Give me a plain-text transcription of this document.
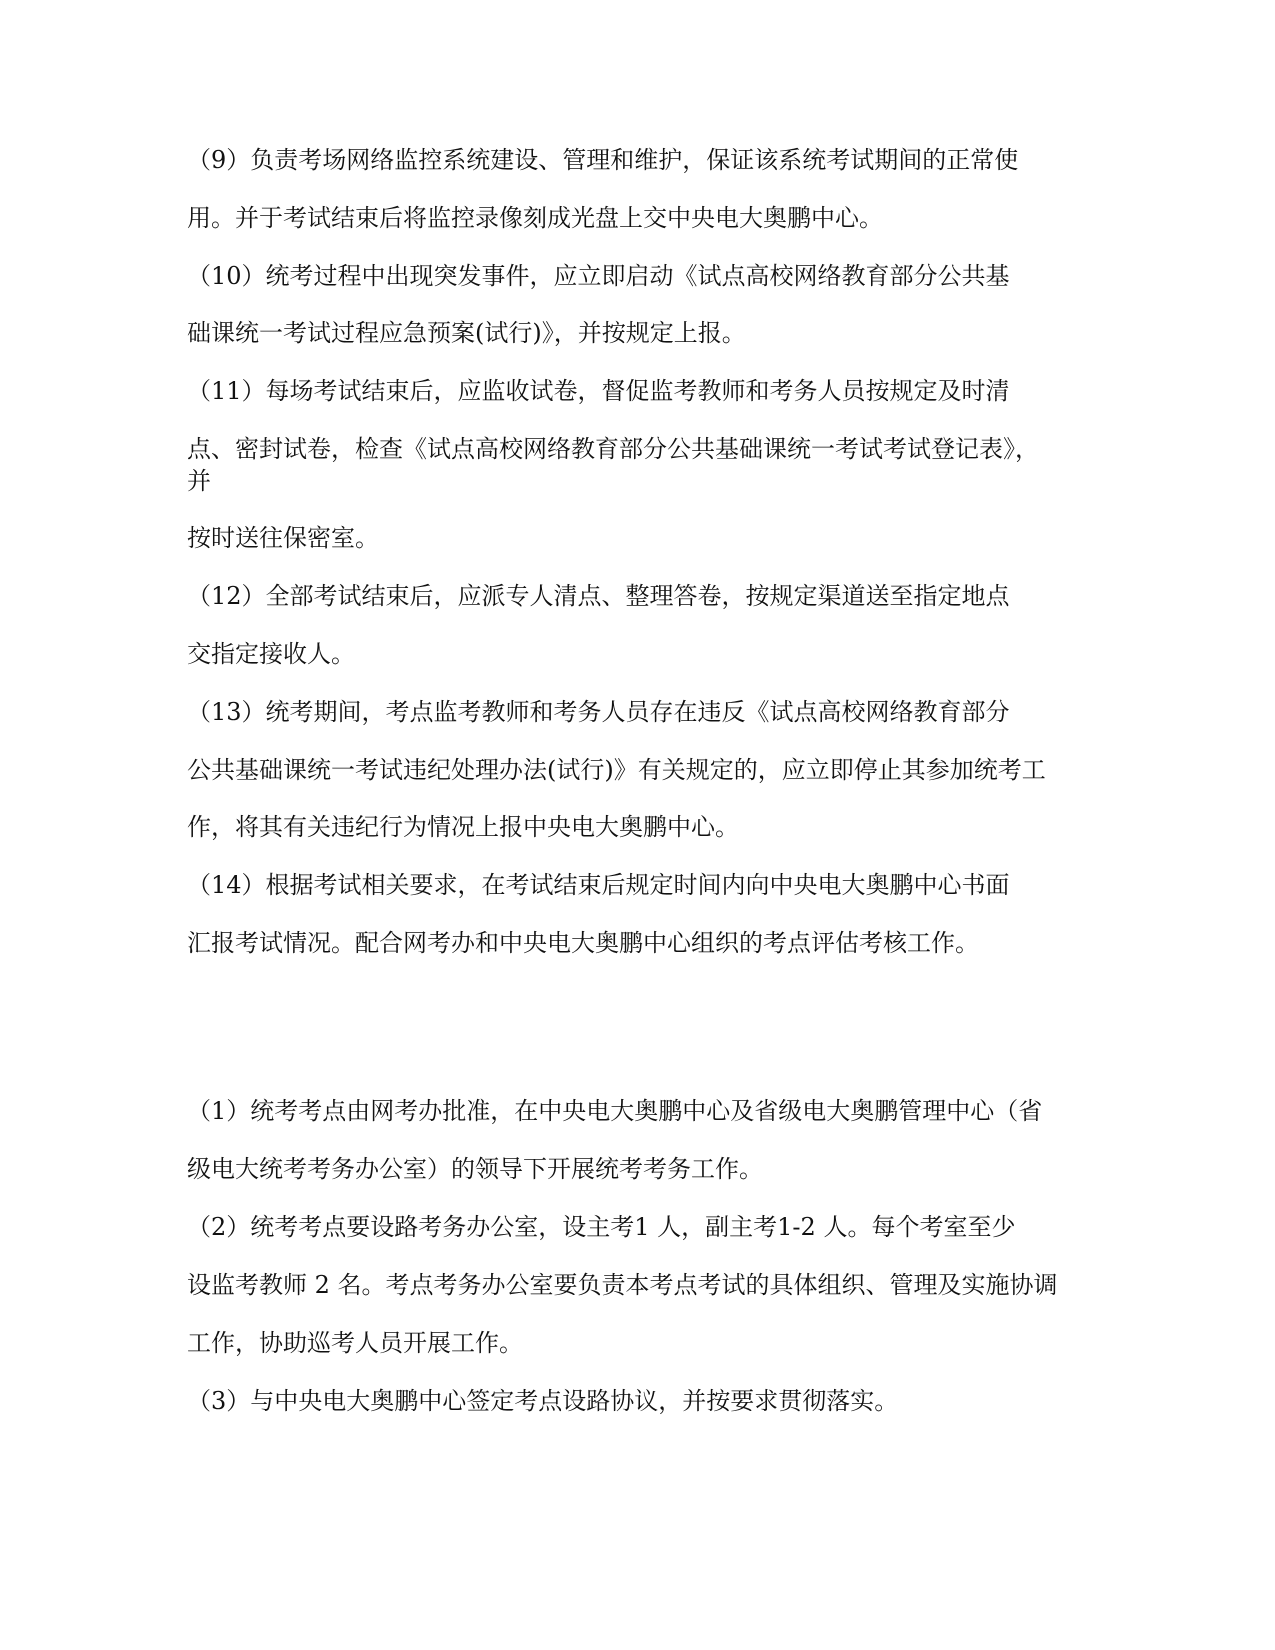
（9）负责考场网络监控系统建设、管理和维护，保证该系统考试期间的正常使

用。并于考试结束后将监控录像刻成光盘上交中央电大奥鹏中心。

（10）统考过程中出现突发事件，应立即启动《试点高校网络教育部分公共基

础课统一考试过程应急预案(试行)》，并按规定上报。

（11）每场考试结束后，应监收试卷，督促监考教师和考务人员按规定及时清

点、密封试卷，检查《试点高校网络教育部分公共基础课统一考试考试登记表》，

并

按时送往保密室。

（12）全部考试结束后，应派专人清点、整理答卷，按规定渠道送至指定地点

交指定接收人。

（13）统考期间，考点监考教师和考务人员存在违反《试点高校网络教育部分

公共基础课统一考试违纪处理办法(试行)》有关规定的，应立即停止其参加统考工

作，将其有关违纪行为情况上报中央电大奥鹏中心。

（14）根据考试相关要求，在考试结束后规定时间内向中央电大奥鹏中心书面

汇报考试情况。配合网考办和中央电大奥鹏中心组织的考点评估考核工作。

（1）统考考点由网考办批准，在中央电大奥鹏中心及省级电大奥鹏管理中心（省

级电大统考考务办公室）的领导下开展统考考务工作。

（2）统考考点要设路考务办公室，设主考1 人，副主考1-2 人。每个考室至少

设监考教师 2 名。考点考务办公室要负责本考点考试的具体组织、管理及实施协调

工作，协助巡考人员开展工作。

（3）与中央电大奥鹏中心签定考点设路协议，并按要求贯彻落实。
